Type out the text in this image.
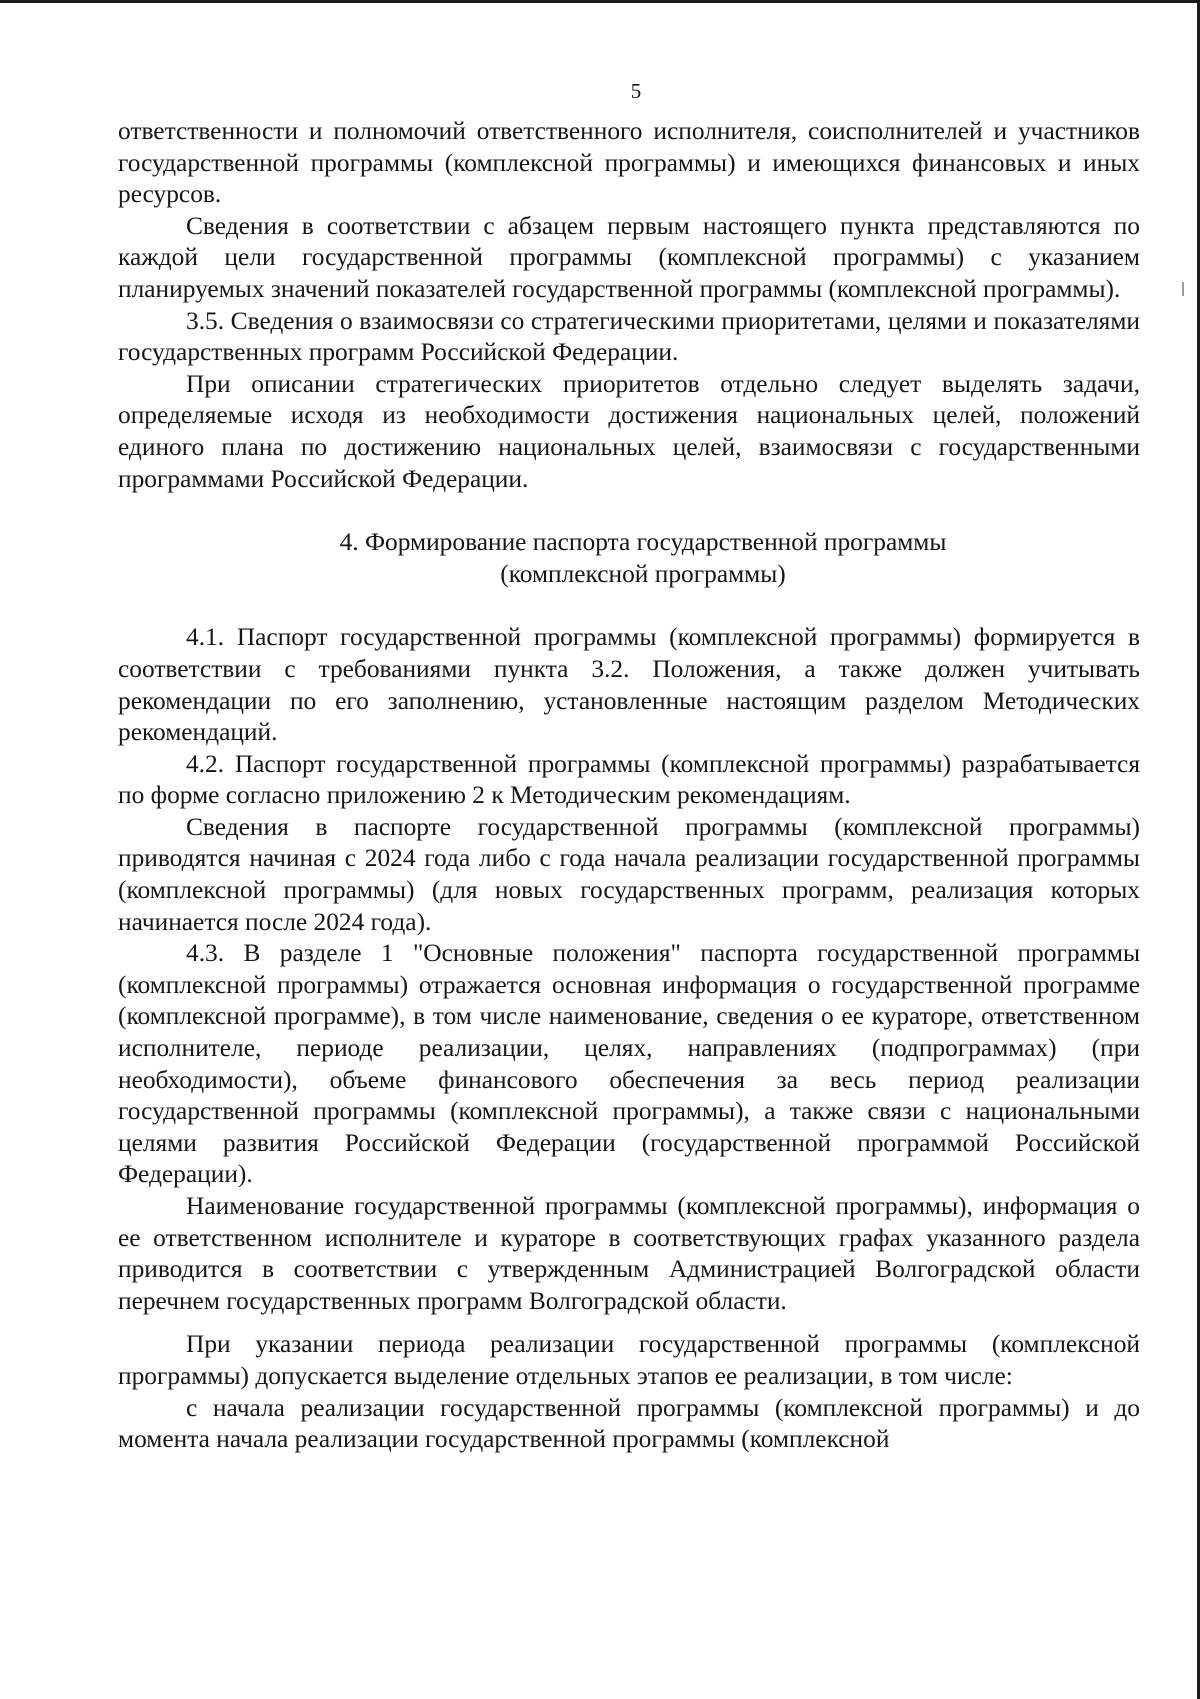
5

ответственности и полномочий ответственного исполнителя, соисполнителей и участников государственной программы (комплексной программы) и имеющихся финансовых и иных ресурсов.

Сведения в соответствии с абзацем первым настоящего пункта представляются по каждой цели государственной программы (комплексной программы) с указанием планируемых значений показателей государственной программы (комплексной программы).

3.5. Сведения о взаимосвязи со стратегическими приоритетами, целями и показателями государственных программ Российской Федерации.

При описании стратегических приоритетов отдельно следует выделять задачи, определяемые исходя из необходимости достижения национальных целей, положений единого плана по достижению национальных целей, взаимосвязи с государственными программами Российской Федерации.

4. Формирование паспорта государственной программы
(комплексной программы)

4.1. Паспорт государственной программы (комплексной программы) формируется в соответствии с требованиями пункта 3.2. Положения, а также должен учитывать рекомендации по его заполнению, установленные настоящим разделом Методических рекомендаций.

4.2. Паспорт государственной программы (комплексной программы) разрабатывается по форме согласно приложению 2 к Методическим рекомендациям.

Сведения в паспорте государственной программы (комплексной программы) приводятся начиная с 2024 года либо с года начала реализации государственной программы (комплексной программы) (для новых государственных программ, реализация которых начинается после 2024 года).

4.3. В разделе 1 "Основные положения" паспорта государственной программы (комплексной программы) отражается основная информация о государственной программе (комплексной программе), в том числе наименование, сведения о ее кураторе, ответственном исполнителе, периоде реализации, целях, направлениях (подпрограммах) (при необходимости), объеме финансового обеспечения за весь период реализации государственной программы (комплексной программы), а также связи с национальными целями развития Российской Федерации (государственной программой Российской Федерации).

Наименование государственной программы (комплексной программы), информация о ее ответственном исполнителе и кураторе в соответствующих графах указанного раздела приводится в соответствии с утвержденным Администрацией Волгоградской области перечнем государственных программ Волгоградской области.

При указании периода реализации государственной программы (комплексной программы) допускается выделение отдельных этапов ее реализации, в том числе:

с начала реализации государственной программы (комплексной программы) и до момента начала реализации государственной программы (комплексной
